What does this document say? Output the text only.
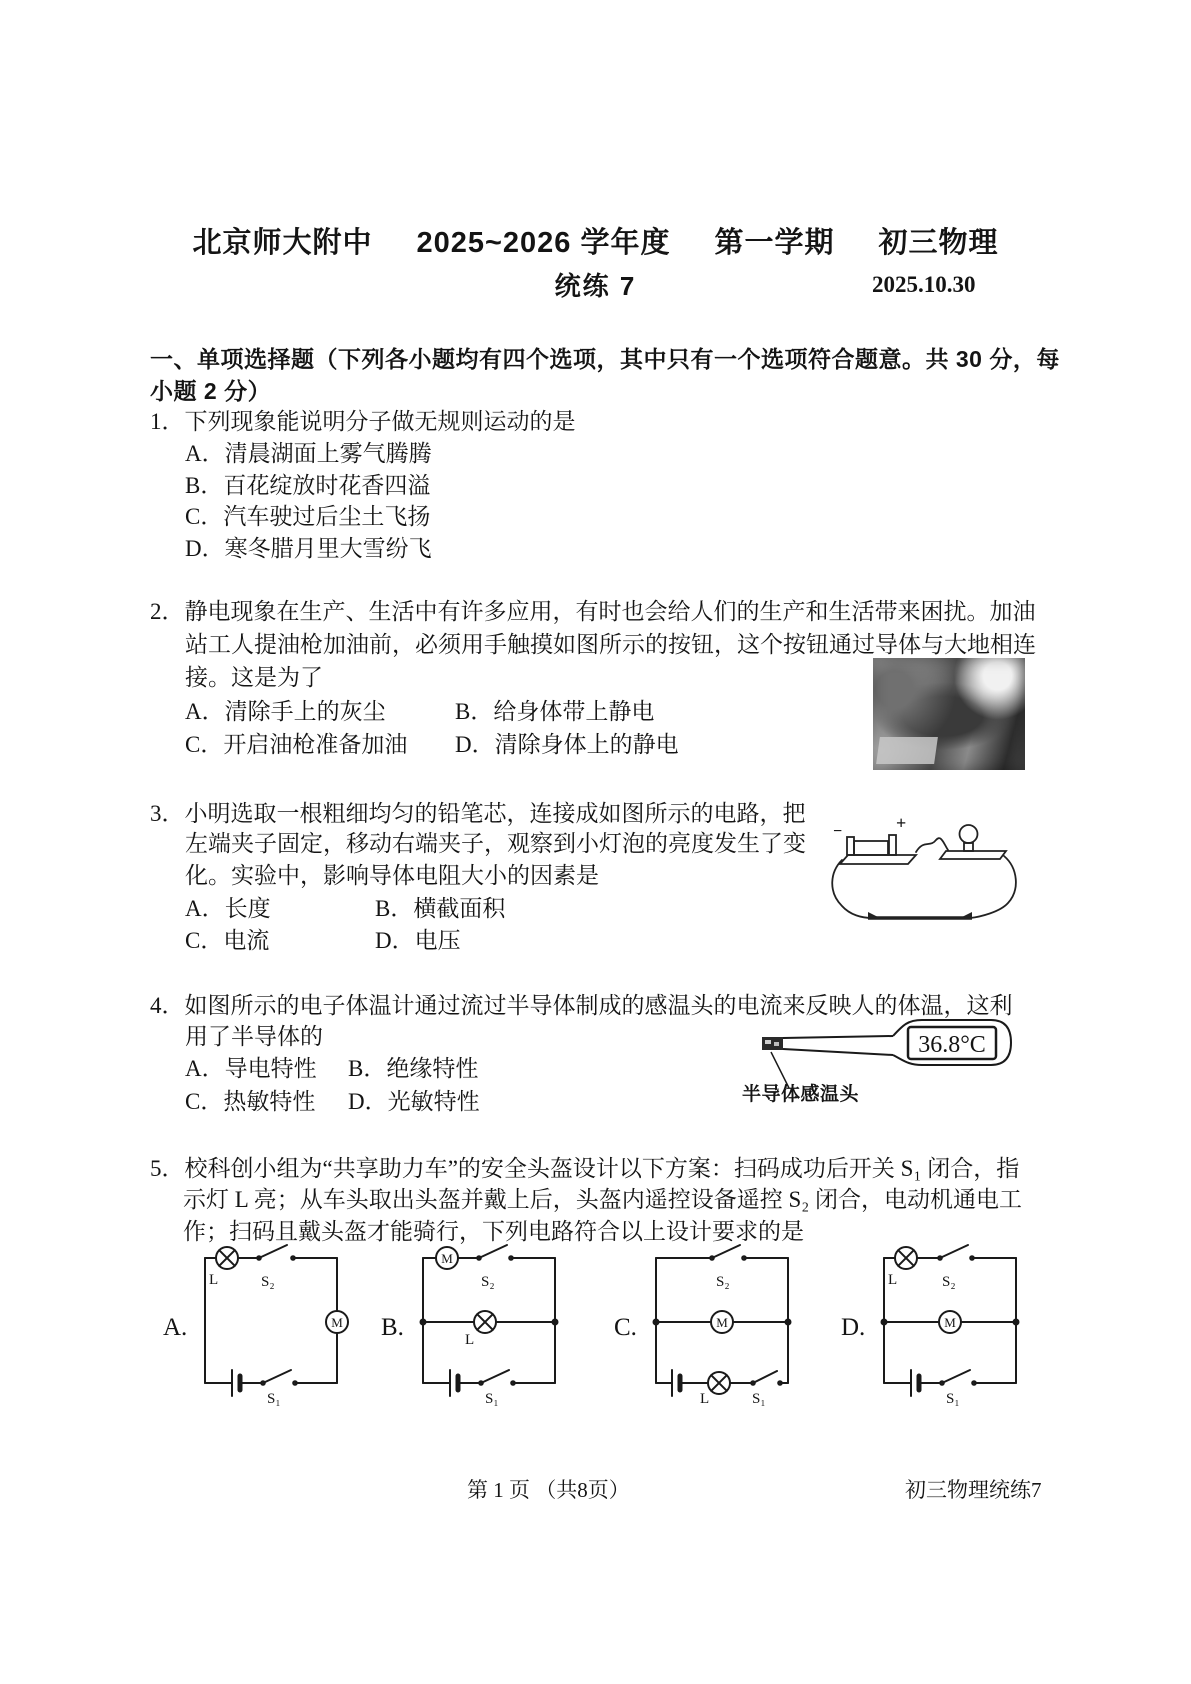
北京师大附中 2025~2026 学年度 第一学期 初三物理
统练 7	2025.10.30
一、单项选择题（下列各小题均有四个选项，其中只有一个选项符合题意。共 30 分，每
小题 2 分）
1．下列现象能说明分子做无规则运动的是
A．清晨湖面上雾气腾腾
B．百花绽放时花香四溢
C．汽车驶过后尘土飞扬
D．寒冬腊月里大雪纷飞
2．静电现象在生产、生活中有许多应用，有时也会给人们的生产和生活带来困扰。加油
站工人提油枪加油前，必须用手触摸如图所示的按钮，这个按钮通过导体与大地相连
接。这是为了
A．清除手上的灰尘	B．给身体带上静电
C．开启油枪准备加油 D．清除身体上的静电
3．小明选取一根粗细均匀的铅笔芯，连接成如图所示的电路，把
左端夹子固定，移动右端夹子，观察到小灯泡的亮度发生了变
化。实验中，影响导体电阻大小的因素是
A．长度	B．横截面积
C．电流	D．电压
−	+
4．如图所示的电子体温计通过流过半导体制成的感温头的电流来反映人的体温，这利
用了半导体的
A．导电特性 B．绝缘特性
C．热敏特性 D．光敏特性
36.8°C
半导体感温头
5．校科创小组为“共享助力车”的安全头盔设计以下方案：扫码成功后开关 S₁ 闭合，指
示灯 L 亮；从车头取出头盔并戴上后，头盔内遥控设备遥控 S₂ 闭合，电动机通电工
作；扫码且戴头盔才能骑行，下列电路符合以上设计要求的是
A.	B.	C.	D.
L	S₂
M
S₁
M
S₂
L
S₁
S₂
M
L	S₁
L	S₂
M
S₁
第 1 页 （共8页）	初三物理统练7
